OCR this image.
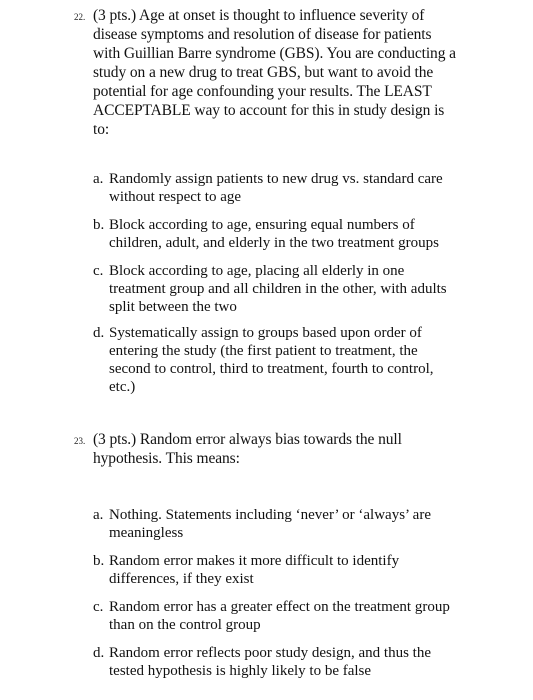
22. (3 pts.) Age at onset is thought to influence severity of
disease symptoms and resolution of disease for patients
with Guillian Barre syndrome (GBS). You are conducting a
study on a new drug to treat GBS, but want to avoid the
potential for age confounding your results. The LEAST
ACCEPTABLE way to account for this in study design is
to:
a. Randomly assign patients to new drug vs. standard care
without respect to age
b. Block according to age, ensuring equal numbers of
children, adult, and elderly in the two treatment groups
c. Block according to age, placing all elderly in one
treatment group and all children in the other, with adults
split between the two
d. Systematically assign to groups based upon order of
entering the study (the first patient to treatment, the
second to control, third to treatment, fourth to control,
etc.)
23. (3 pts.) Random error always bias towards the null
hypothesis. This means:
a. Nothing. Statements including ‘never’ or ‘always’ are
meaningless
b. Random error makes it more difficult to identify
differences, if they exist
c. Random error has a greater effect on the treatment group
than on the control group
d. Random error reflects poor study design, and thus the
tested hypothesis is highly likely to be false
